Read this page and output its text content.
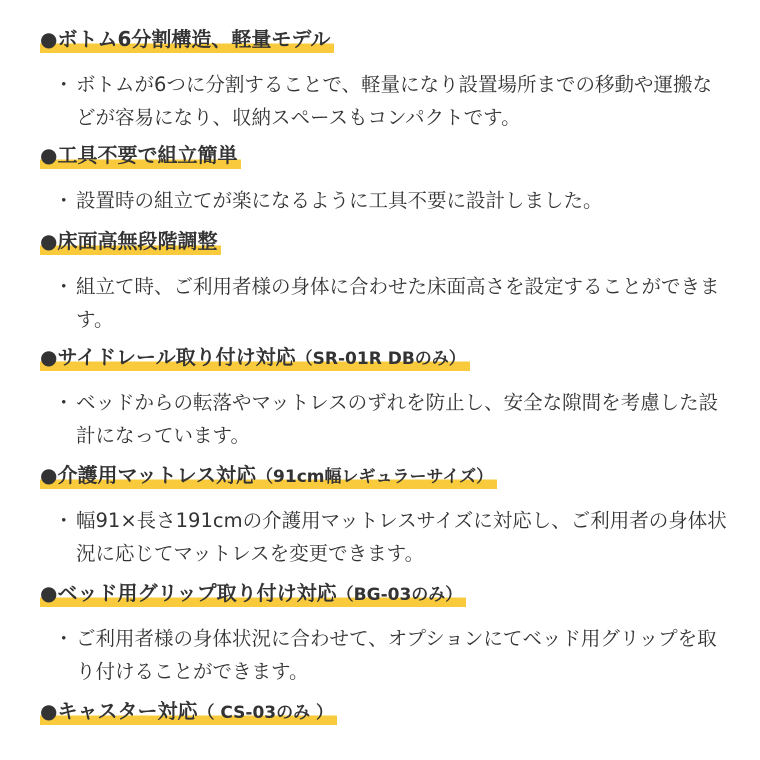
●ボトム6分割構造、軽量モデル
・ ボトムが6つに分割することで、軽量になり設置場所までの移動や運搬などが容易になり、収納スペースもコンパクトです。
●工具不要で組立簡単
・ 設置時の組立てが楽になるように工具不要に設計しました。
●床面高無段階調整
・ 組立て時、ご利用者様の身体に合わせた床面高さを設定することができます。
●サイドレール取り付け対応（SR-01R DBのみ）
・ ベッドからの転落やマットレスのずれを防止し、安全な隙間を考慮した設計になっています。
●介護用マットレス対応（91cm幅レギュラーサイズ）
・ 幅91×長さ191cmの介護用マットレスサイズに対応し、ご利用者の身体状況に応じてマットレスを変更できます。
●ベッド用グリップ取り付け対応（BG-03のみ）
・ ご利用者様の身体状況に合わせて、オプションにてベッド用グリップを取り付けることができます。
●キャスター対応（ CS-03のみ ）
